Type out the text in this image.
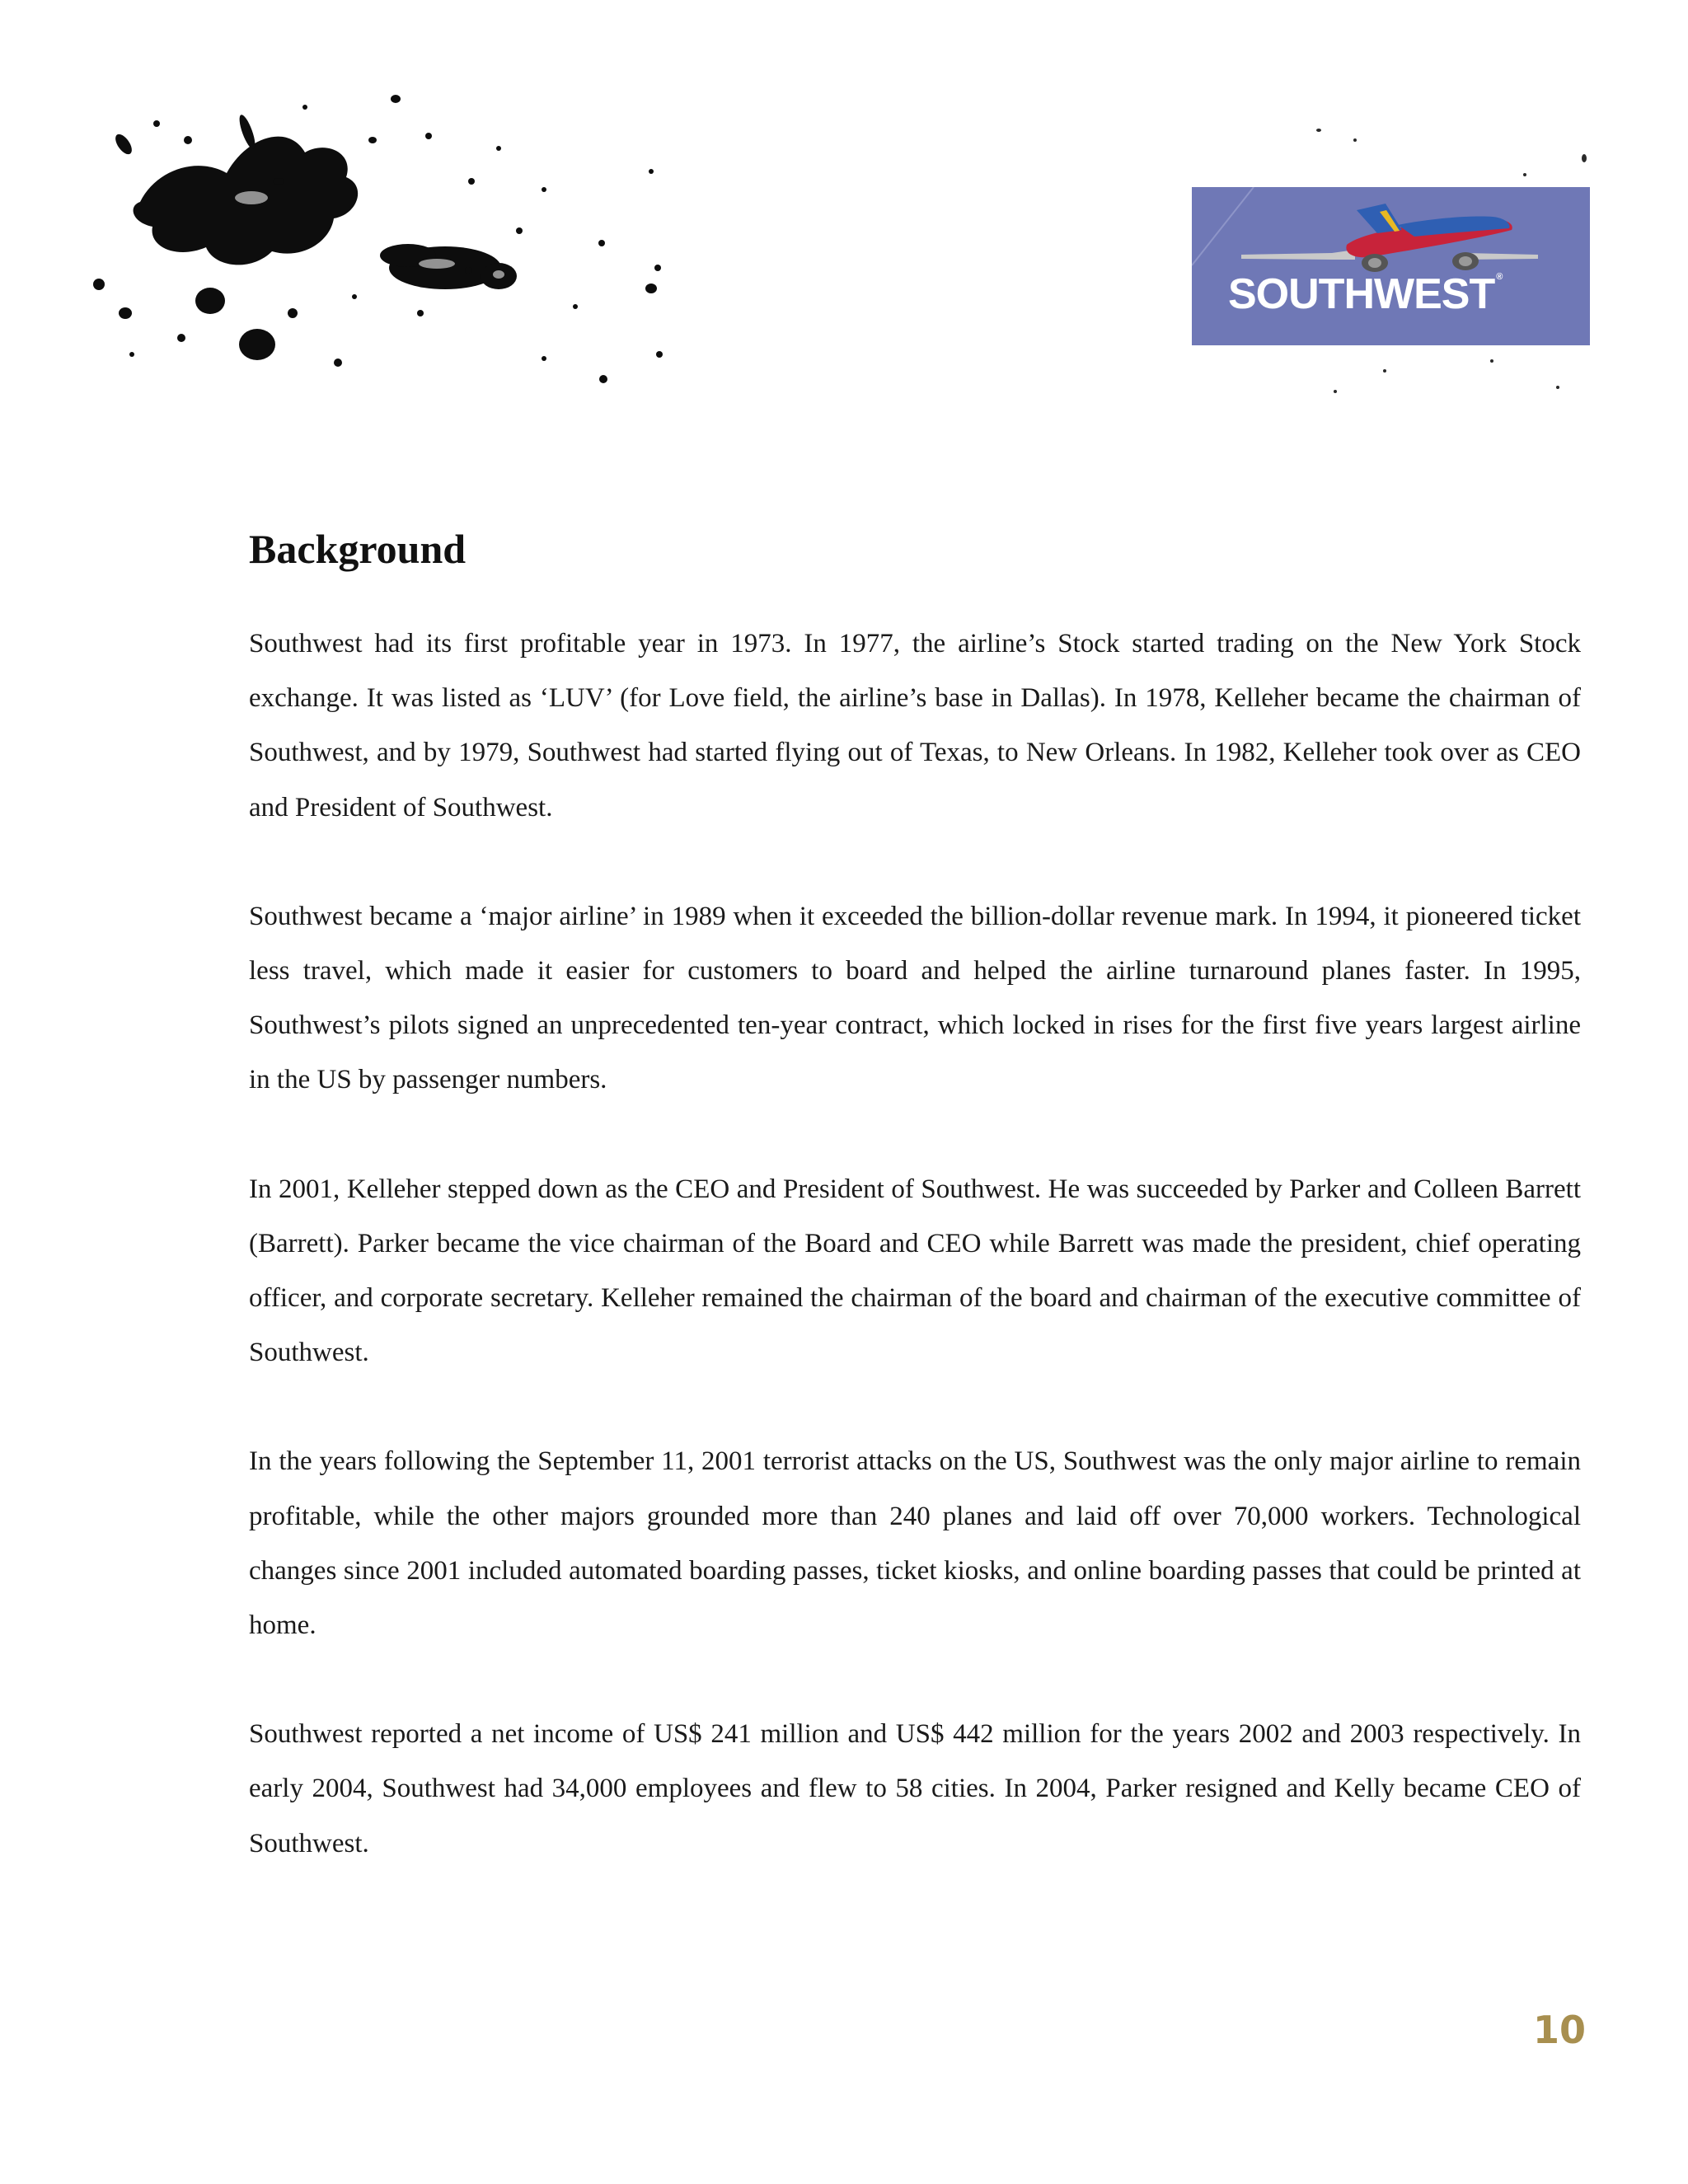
SOUTHWEST ®
Background

Southwest had its first profitable year in 1973. In 1977, the airline’s Stock started trading on the New York Stock exchange. It was listed as ‘LUV’ (for Love field, the airline’s base in Dallas). In 1978, Kelleher became the chairman of Southwest, and by 1979, Southwest had started flying out of Texas, to New Orleans. In 1982, Kelleher took over as CEO and President of Southwest.

Southwest became a ‘major airline’ in 1989 when it exceeded the billion-dollar revenue mark. In 1994, it pioneered ticket less travel, which made it easier for customers to board and helped the airline turnaround planes faster. In 1995, Southwest’s pilots signed an unprecedented ten-year contract, which locked in rises for the first five years largest airline in the US by passenger numbers.

In 2001, Kelleher stepped down as the CEO and President of Southwest. He was succeeded by Parker and Colleen Barrett (Barrett). Parker became the vice chairman of the Board and CEO while Barrett was made the president, chief operating officer, and corporate secretary. Kelleher remained the chairman of the board and chairman of the executive committee of Southwest.

In the years following the September 11, 2001 terrorist attacks on the US, Southwest was the only major airline to remain profitable, while the other majors grounded more than 240 planes and laid off over 70,000 workers. Technological changes since 2001 included automated boarding passes, ticket kiosks, and online boarding passes that could be printed at home.

Southwest reported a net income of US$ 241 million and US$ 442 million for the years 2002 and 2003 respectively. In early 2004, Southwest had 34,000 employees and flew to 58 cities. In 2004, Parker resigned and Kelly became CEO of Southwest.

10
